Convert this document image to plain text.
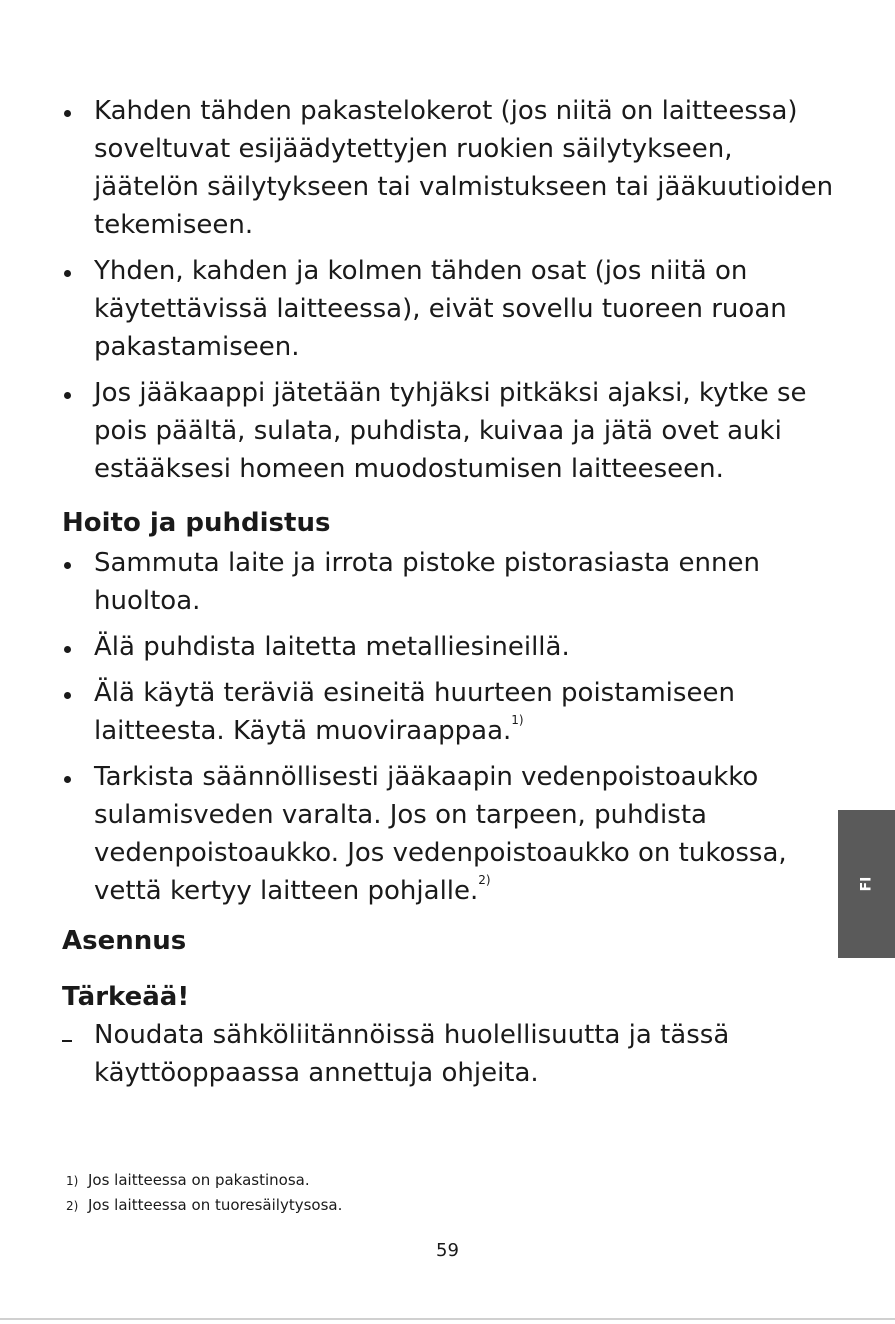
Kahden tähden pakastelokerot (jos niitä on laitteessa) soveltuvat esijäädytettyjen ruokien säilytykseen, jäätelön säilytykseen tai valmistukseen tai jääkuutioiden tekemiseen.
Yhden, kahden ja kolmen tähden osat (jos niitä on käytettävissä laitteessa), eivät sovellu tuoreen ruoan pakastamiseen.
Jos jääkaappi jätetään tyhjäksi pitkäksi ajaksi, kytke se pois päältä, sulata, puhdista, kuivaa ja jätä ovet auki estääksesi homeen muodostumisen laitteeseen.
Hoito ja puhdistus
Sammuta laite ja irrota pistoke pistorasiasta ennen huoltoa.
Älä puhdista laitetta metalliesineillä.
Älä käytä teräviä esineitä huurteen poistamiseen laitteesta. Käytä muoviraappaa.$^{1)}$
Tarkista säännöllisesti jääkaapin vedenpoistoaukko sulamisveden varalta. Jos on tarpeen, puhdista vedenpoistoaukko. Jos vedenpoistoaukko on tukossa, vettä kertyy laitteen pohjalle.$^{2)}$
Asennus
Tärkeää!
Noudata sähköliitännöissä huolellisuutta ja tässä käyttöoppaassa annettuja ohjeita.
1) Jos laitteessa on pakastinosa.
2) Jos laitteessa on tuoresäilytysosa.
59
FI
